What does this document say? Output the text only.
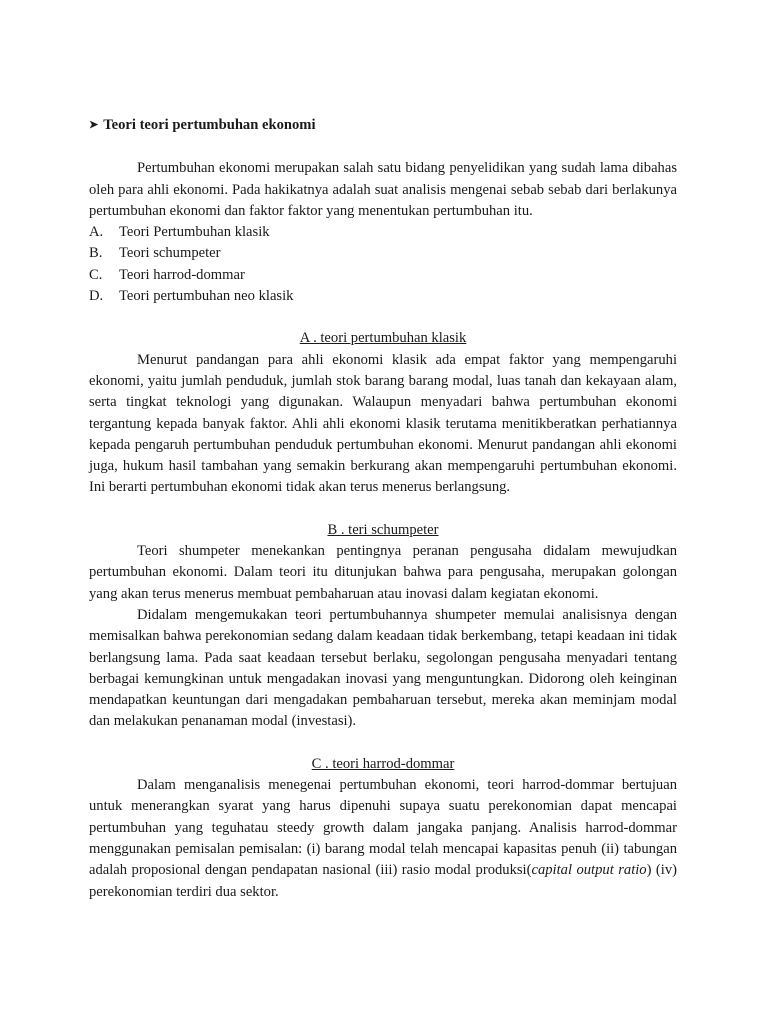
➤ Teori teori pertumbuhan ekonomi

Pertumbuhan ekonomi merupakan salah satu bidang penyelidikan yang sudah lama dibahas oleh para ahli ekonomi. Pada hakikatnya adalah suat analisis mengenai sebab sebab dari berlakunya pertumbuhan ekonomi dan faktor faktor yang menentukan pertumbuhan itu.

A.	Teori Pertumbuhan klasik
B.	Teori schumpeter
C.	Teori harrod-dommar
D.	Teori pertumbuhan neo klasik
A . teori pertumbuhan klasik

Menurut pandangan para ahli ekonomi klasik ada empat faktor yang mempengaruhi ekonomi, yaitu jumlah penduduk, jumlah stok barang barang modal, luas tanah dan kekayaan alam, serta tingkat teknologi yang digunakan. Walaupun menyadari bahwa pertumbuhan ekonomi tergantung kepada banyak faktor. Ahli ahli ekonomi klasik terutama menitikberatkan perhatiannya kepada pengaruh pertumbuhan penduduk pertumbuhan ekonomi. Menurut pandangan ahli ekonomi juga, hukum hasil tambahan yang semakin berkurang akan mempengaruhi pertumbuhan ekonomi. Ini berarti pertumbuhan ekonomi tidak akan terus menerus berlangsung.

B . teri schumpeter

Teori shumpeter menekankan pentingnya peranan pengusaha didalam mewujudkan pertumbuhan ekonomi. Dalam teori itu ditunjukan bahwa para pengusaha, merupakan golongan yang akan terus menerus membuat pembaharuan atau inovasi dalam kegiatan ekonomi.

Didalam mengemukakan teori pertumbuhannya shumpeter memulai analisisnya dengan memisalkan bahwa perekonomian sedang dalam keadaan tidak berkembang, tetapi keadaan ini tidak berlangsung lama. Pada saat keadaan tersebut berlaku, segolongan pengusaha menyadari tentang berbagai kemungkinan untuk mengadakan inovasi yang menguntungkan. Didorong oleh keinginan mendapatkan keuntungan dari mengadakan pembaharuan tersebut, mereka akan meminjam modal dan melakukan penanaman modal (investasi).

C . teori harrod-dommar

Dalam menganalisis menegenai pertumbuhan ekonomi, teori harrod-dommar bertujuan untuk menerangkan syarat yang harus dipenuhi supaya suatu perekonomian dapat mencapai pertumbuhan yang teguhatau steedy growth dalam jangaka panjang. Analisis harrod-dommar menggunakan pemisalan pemisalan: (i) barang modal telah mencapai kapasitas penuh (ii) tabungan adalah proposional dengan pendapatan nasional (iii) rasio modal produksi(capital output ratio) (iv) perekonomian terdiri dua sektor.
